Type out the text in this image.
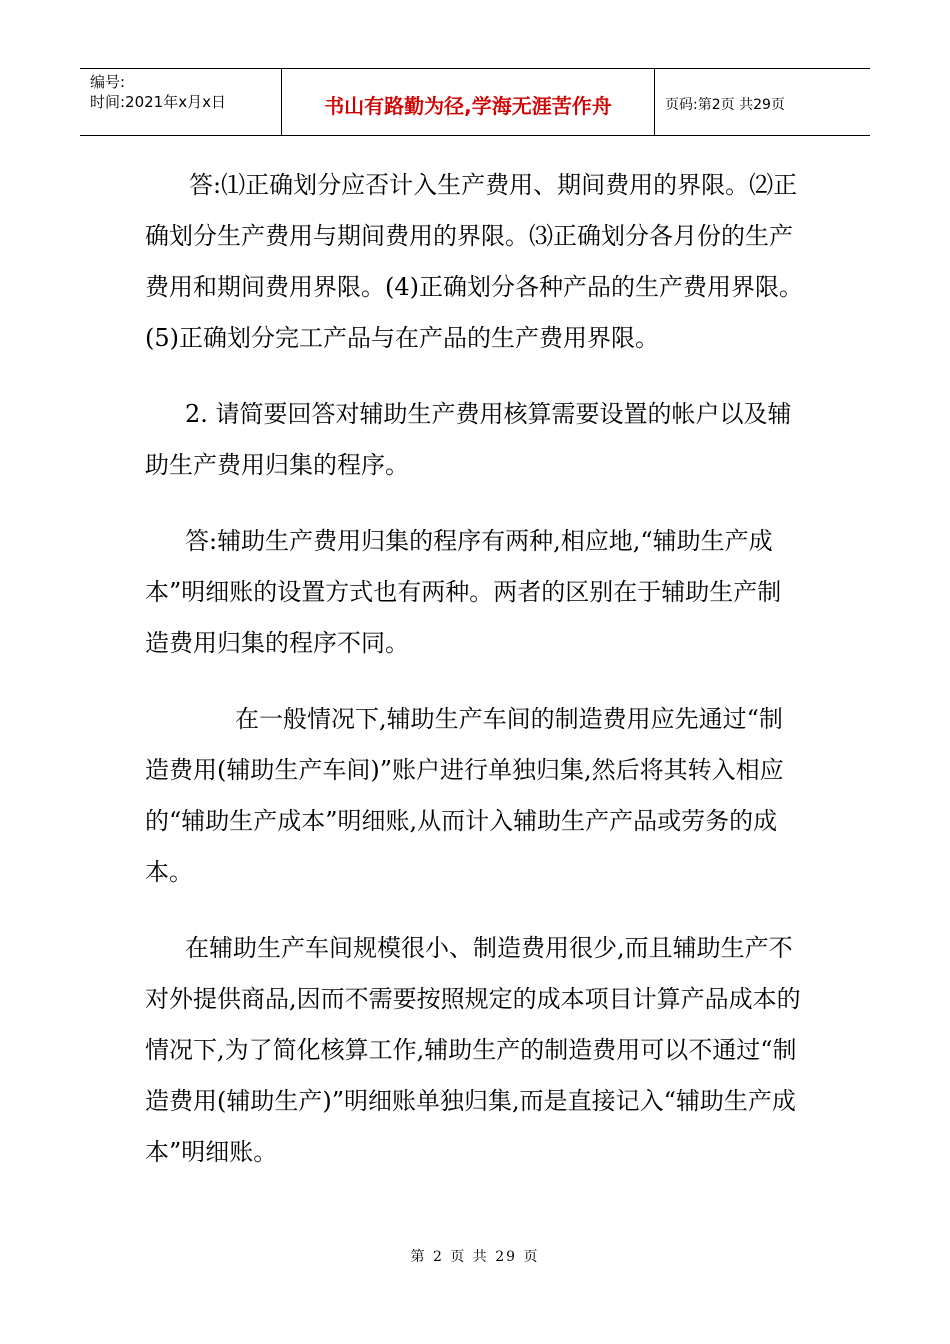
编号:
时间:2021年x月x日	书山有路勤为径,学海无涯苦作舟	页码:第2页 共29页

答:⑴正确划分应否计入生产费用、期间费用的界限。⑵正确划分生产费用与期间费用的界限。⑶正确划分各月份的生产费用和期间费用界限。(4)正确划分各种产品的生产费用界限。(5)正确划分完工产品与在产品的生产费用界限。

2. 请简要回答对辅助生产费用核算需要设置的帐户以及辅助生产费用归集的程序。

答:辅助生产费用归集的程序有两种,相应地,“辅助生产成本”明细账的设置方式也有两种。两者的区别在于辅助生产制造费用归集的程序不同。

在一般情况下,辅助生产车间的制造费用应先通过“制造费用(辅助生产车间)”账户进行单独归集,然后将其转入相应的“辅助生产成本”明细账,从而计入辅助生产产品或劳务的成本。

在辅助生产车间规模很小、制造费用很少,而且辅助生产不对外提供商品,因而不需要按照规定的成本项目计算产品成本的情况下,为了简化核算工作,辅助生产的制造费用可以不通过“制造费用(辅助生产)”明细账单独归集,而是直接记入“辅助生产成本”明细账。

第 2 页 共 29 页
